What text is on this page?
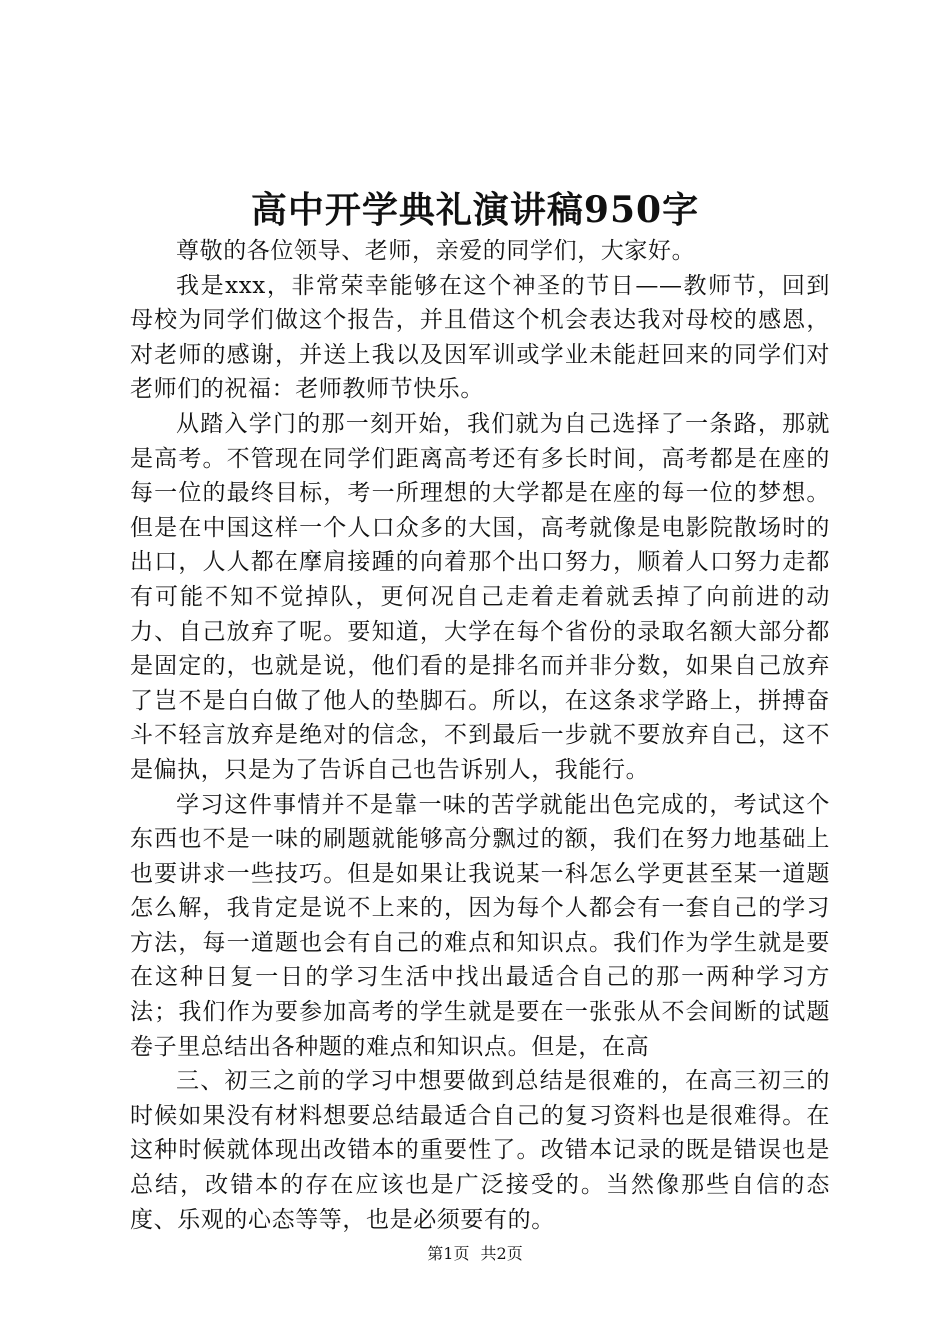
高中开学典礼演讲稿950字

尊敬的各位领导、老师，亲爱的同学们，大家好。

我是xxx，非常荣幸能够在这个神圣的节日——教师节，回到母校为同学们做这个报告，并且借这个机会表达我对母校的感恩，对老师的感谢，并送上我以及因军训或学业未能赶回来的同学们对老师们的祝福：老师教师节快乐。

从踏入学门的那一刻开始，我们就为自己选择了一条路，那就是高考。不管现在同学们距离高考还有多长时间，高考都是在座的每一位的最终目标，考一所理想的大学都是在座的每一位的梦想。但是在中国这样一个人口众多的大国，高考就像是电影院散场时的出口，人人都在摩肩接踵的向着那个出口努力，顺着人口努力走都有可能不知不觉掉队，更何况自己走着走着就丢掉了向前进的动力、自己放弃了呢。要知道，大学在每个省份的录取名额大部分都是固定的，也就是说，他们看的是排名而并非分数，如果自己放弃了岂不是白白做了他人的垫脚石。所以，在这条求学路上，拼搏奋斗不轻言放弃是绝对的信念，不到最后一步就不要放弃自己，这不是偏执，只是为了告诉自己也告诉别人，我能行。

学习这件事情并不是靠一味的苦学就能出色完成的，考试这个东西也不是一味的刷题就能够高分飘过的额，我们在努力地基础上也要讲求一些技巧。但是如果让我说某一科怎么学更甚至某一道题怎么解，我肯定是说不上来的，因为每个人都会有一套自己的学习方法，每一道题也会有自己的难点和知识点。我们作为学生就是要在这种日复一日的学习生活中找出最适合自己的那一两种学习方法；我们作为要参加高考的学生就是要在一张张从不会间断的试题卷子里总结出各种题的难点和知识点。但是，在高

三、初三之前的学习中想要做到总结是很难的，在高三初三的时候如果没有材料想要总结最适合自己的复习资料也是很难得。在这种时候就体现出改错本的重要性了。改错本记录的既是错误也是总结，改错本的存在应该也是广泛接受的。当然像那些自信的态度、乐观的心态等等，也是必须要有的。

第1页 共2页
